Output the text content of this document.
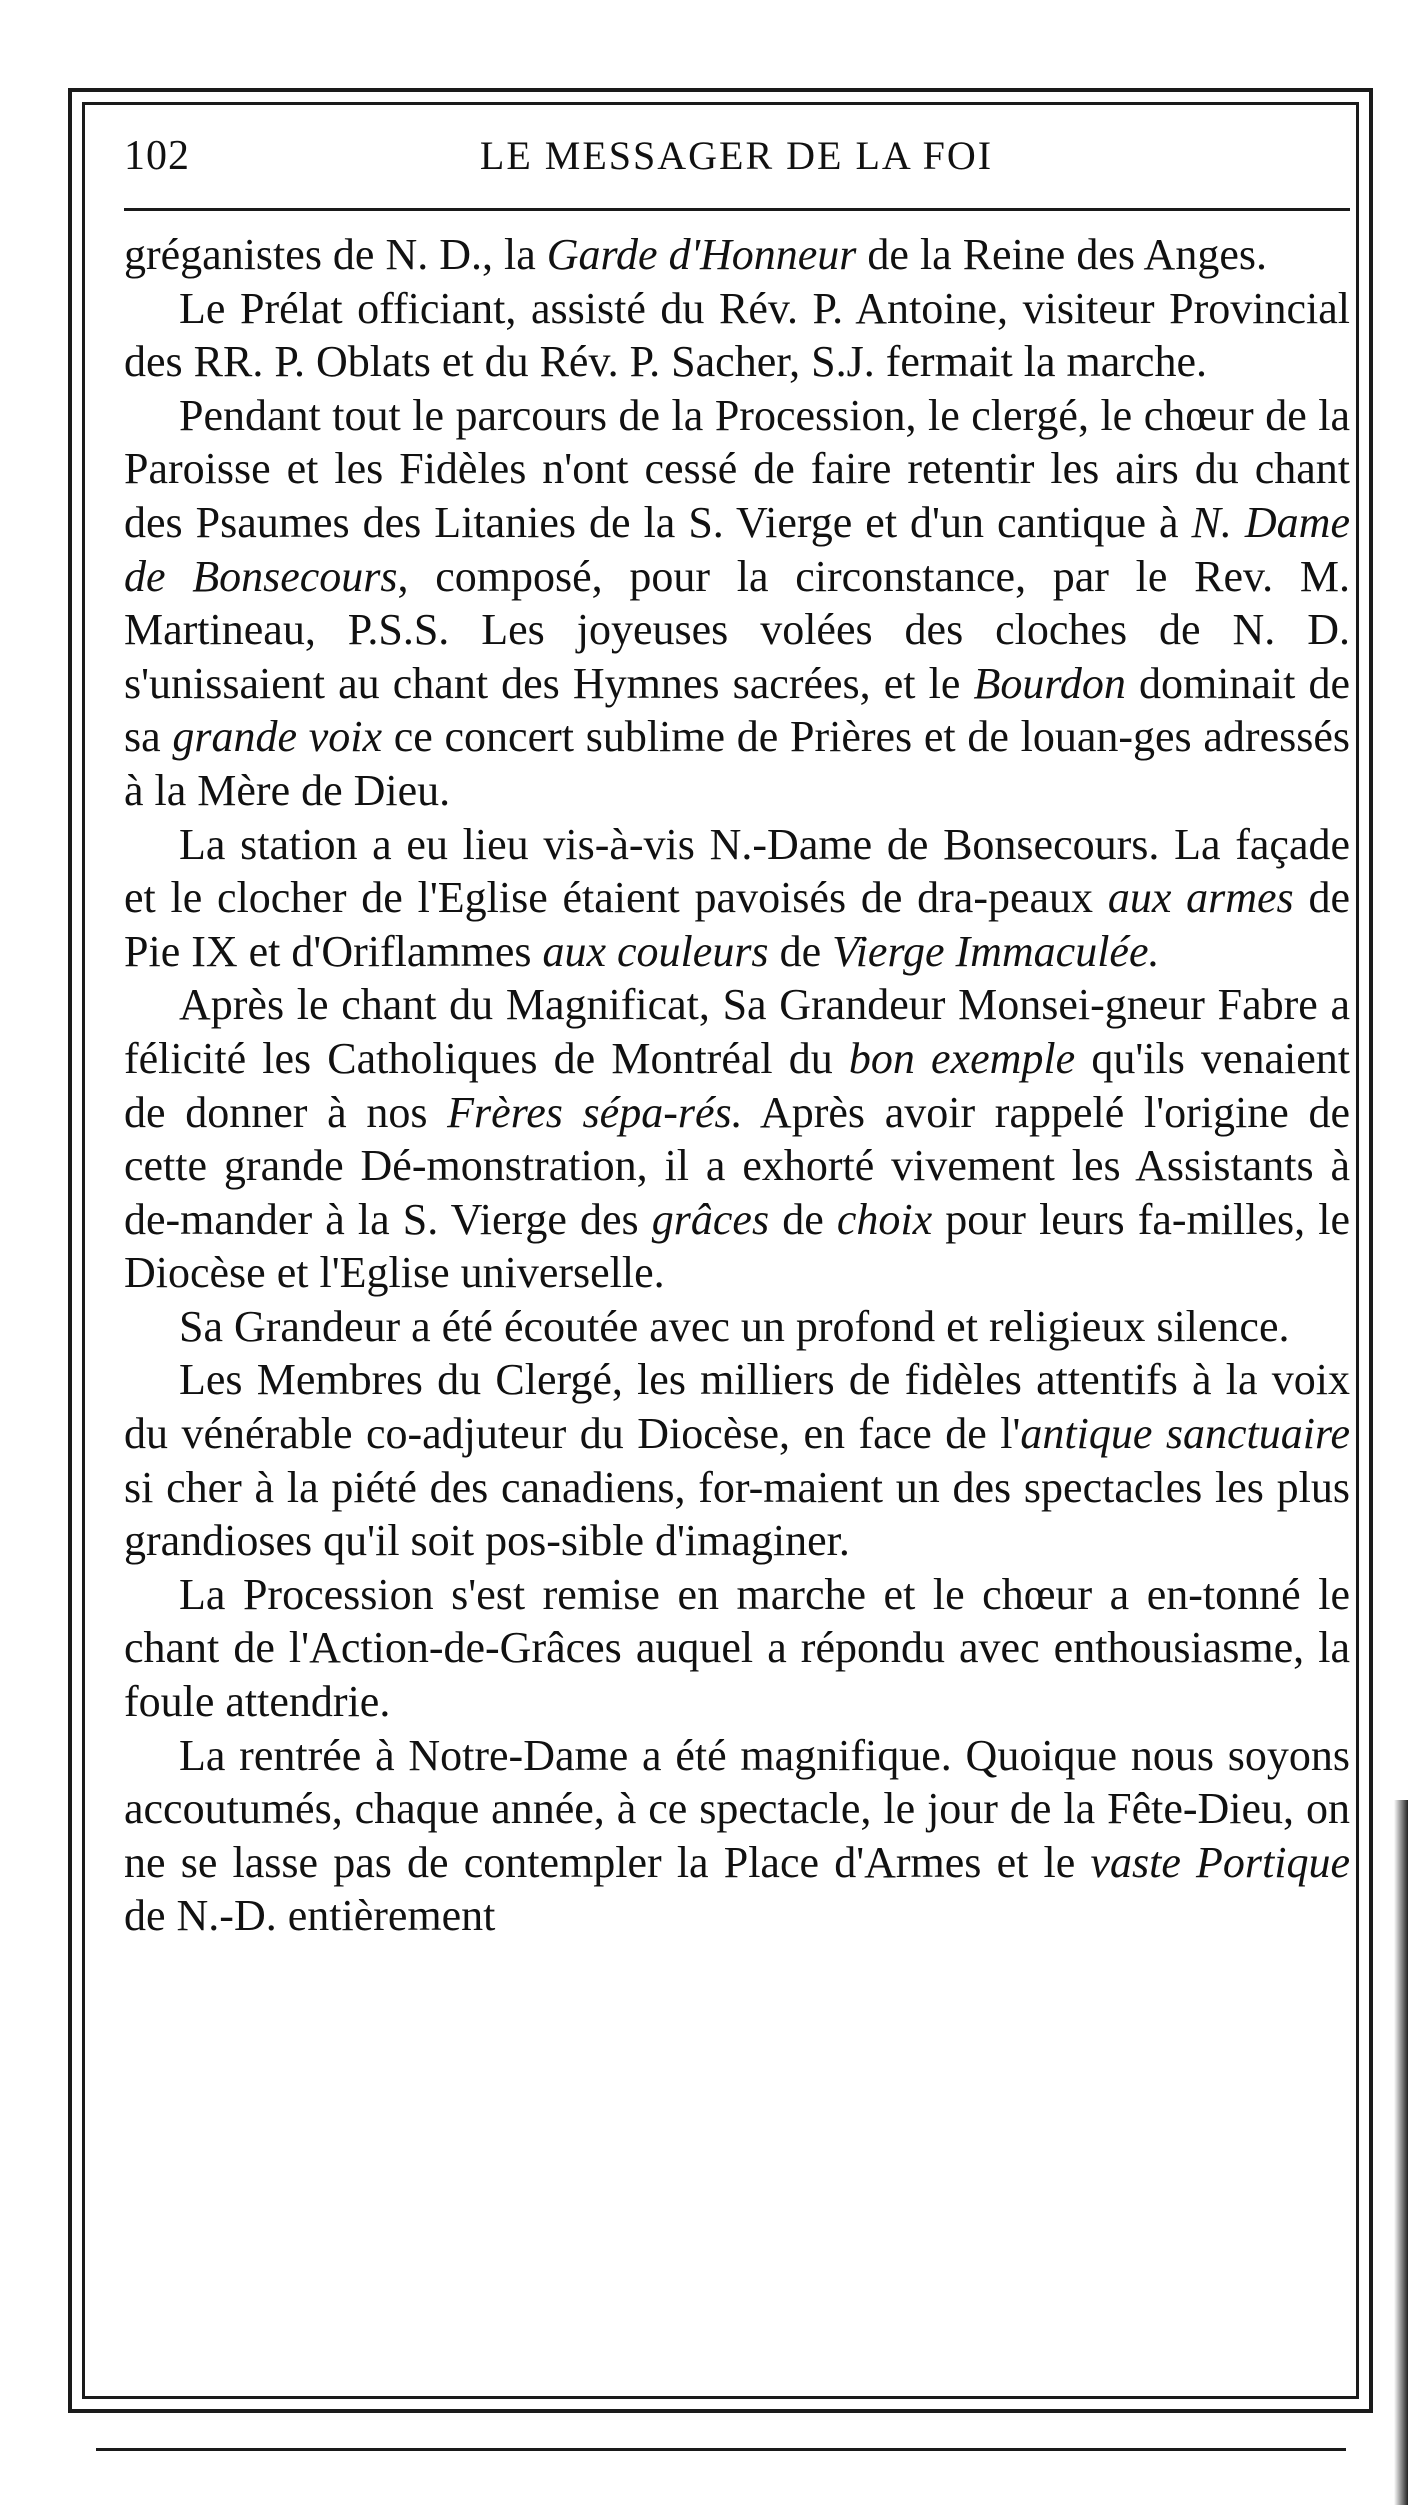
102	LE MESSAGER DE LA FOI

gréganistes de N. D., la Garde d'Honneur de la Reine des Anges.

Le Prélat officiant, assisté du Rév. P. Antoine, visiteur Provincial des RR. P. Oblats et du Rév. P. Sacher, S.J. fermait la marche.

Pendant tout le parcours de la Procession, le clergé, le chœur de la Paroisse et les Fidèles n'ont cessé de faire retentir les airs du chant des Psaumes des Litanies de la S. Vierge et d'un cantique à N. Dame de Bonsecours, composé, pour la circonstance, par le Rev. M. Martineau, P.S.S. Les joyeuses volées des cloches de N. D. s'unissaient au chant des Hymnes sacrées, et le Bourdon dominait de sa grande voix ce concert sublime de Prières et de louan-ges adressés à la Mère de Dieu.

La station a eu lieu vis-à-vis N.-Dame de Bonsecours. La façade et le clocher de l'Eglise étaient pavoisés de dra-peaux aux armes de Pie IX et d'Oriflammes aux couleurs de Vierge Immaculée.

Après le chant du Magnificat, Sa Grandeur Monsei-gneur Fabre a félicité les Catholiques de Montréal du bon exemple qu'ils venaient de donner à nos Frères sépa-rés. Après avoir rappelé l'origine de cette grande Dé-monstration, il a exhorté vivement les Assistants à de-mander à la S. Vierge des grâces de choix pour leurs fa-milles, le Diocèse et l'Eglise universelle.

Sa Grandeur a été écoutée avec un profond et religieux silence.

Les Membres du Clergé, les milliers de fidèles attentifs à la voix du vénérable co-adjuteur du Diocèse, en face de l'antique sanctuaire si cher à la piété des canadiens, for-maient un des spectacles les plus grandioses qu'il soit pos-sible d'imaginer.

La Procession s'est remise en marche et le chœur a en-tonné le chant de l'Action-de-Grâces auquel a répondu avec enthousiasme, la foule attendrie.

La rentrée à Notre-Dame a été magnifique. Quoique nous soyons accoutumés, chaque année, à ce spectacle, le jour de la Fête-Dieu, on ne se lasse pas de contempler la Place d'Armes et le vaste Portique de N.-D. entièrement
